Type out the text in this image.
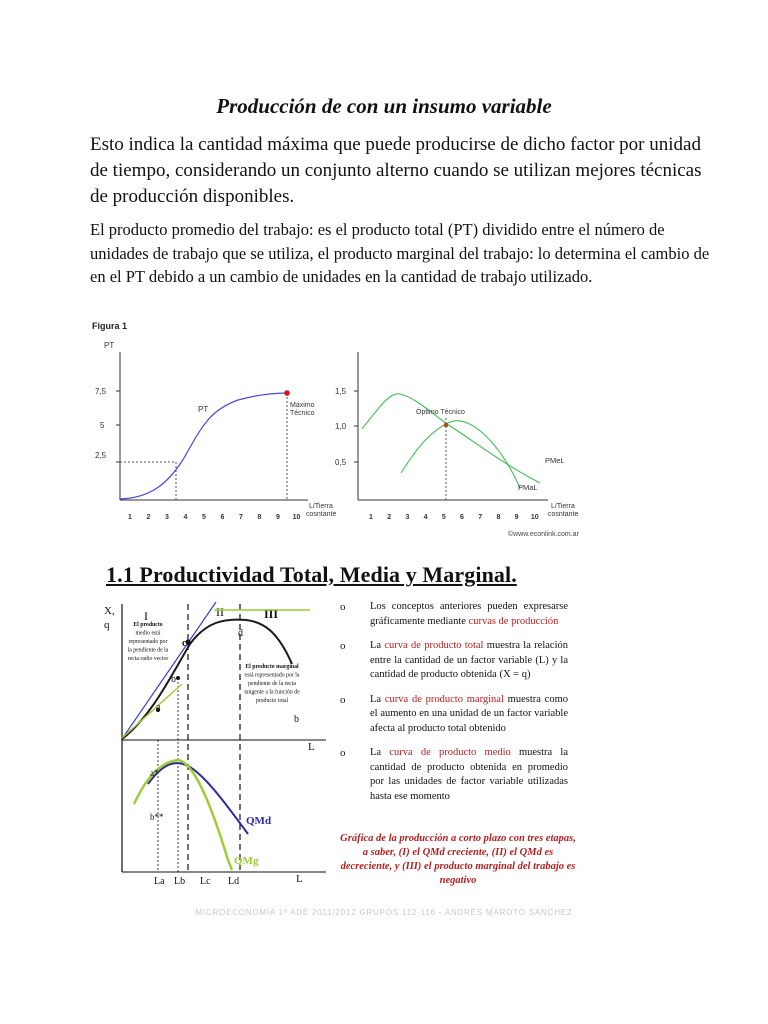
Producción de con un insumo variable
Esto indica la cantidad máxima que puede producirse de dicho factor por unidad de tiempo, considerando un conjunto alterno cuando se utilizan mejores técnicas de producción disponibles.
El producto promedio del trabajo: es el producto total (PT) dividido entre el número de unidades de trabajo que se utiliza, el producto marginal del trabajo: lo determina el cambio de en el PT debido a un cambio de unidades en la cantidad de trabajo utilizado.
Figura 1
PT
7,5
5
2,5
PT	Máximo
Técnico
1 2 3 4 5 6 7 8 9 10
L/Tierra
cosntante
1,5
1,0
0,5
Óptimo Técnico
PMeL
PMaL
1 2 3 4 5 6 7 8 9 10
L/Tierra
cosntante
©www.econlink.com.ar
1.1 Productividad Total, Media y Marginal.
X,
q
I	II	III
a
b
c
d
El producto
medio está
representado por
la pendiente de la
recta radio vector
El producto marginal
está representado por la
pendiente de la recta
tangente a la función de
producto total
b
L
a*
b**	QMd
QMg
La Lb Lc Ld	L
o Los conceptos anteriores pueden expresarse gráficamente mediante curvas de producción
o La curva de producto total muestra la relación entre la cantidad de un factor variable (L) y la cantidad de producto obtenida (X = q)
o La curva de producto marginal muestra como el aumento en una unidad de un factor variable afecta al producto total obtenido
o La curva de producto medio muestra la cantidad de producto obtenida en promedio por las unidades de factor variable utilizadas hasta ese momento
Gráfica de la producción a corto plazo con tres etapas, a saber, (I) el QMd creciente, (II) el QMd es decreciente, y (III) el producto marginal del trabajo es negativo
MICROECONOMÍA 1º ADE 2011/2012 GRUPOS 112-116 - ANDRÉS MAROTO SÁNCHEZ
